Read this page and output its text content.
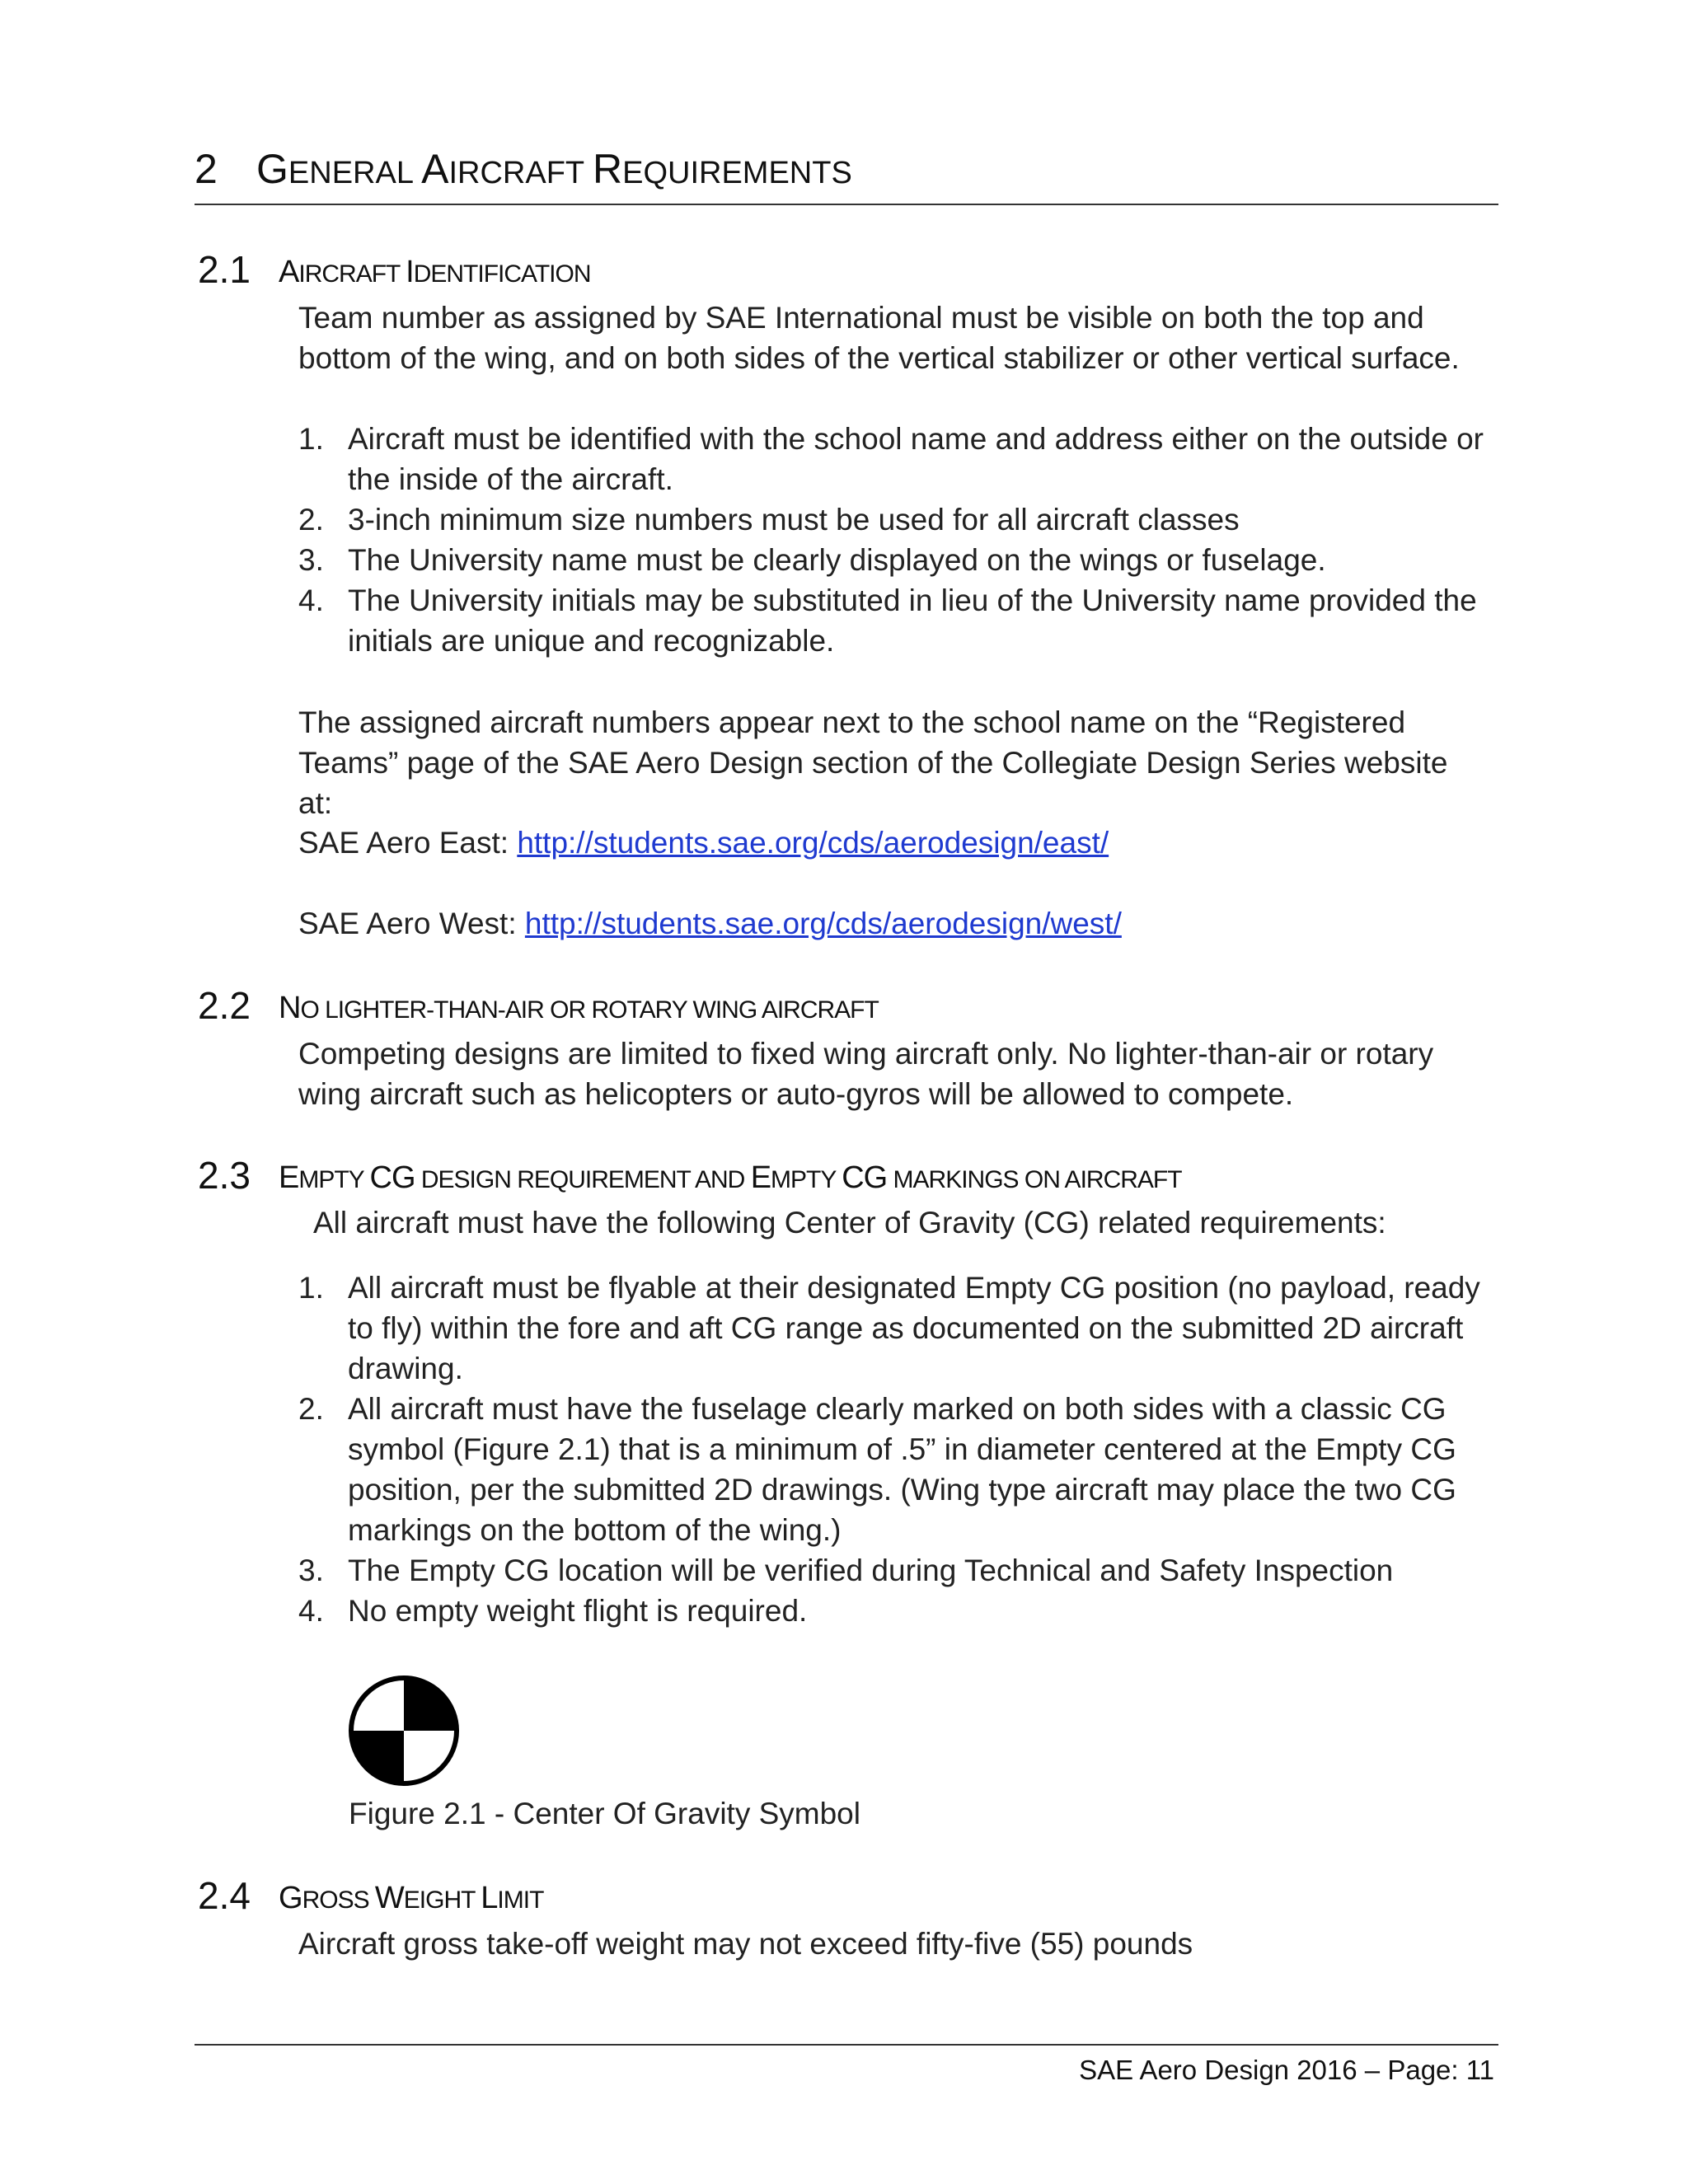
2 GENERAL AIRCRAFT REQUIREMENTS
2.1 AIRCRAFT IDENTIFICATION
Team number as assigned by SAE International must be visible on both the top and bottom of the wing, and on both sides of the vertical stabilizer or other vertical surface.
1. Aircraft must be identified with the school name and address either on the outside or the inside of the aircraft.
2. 3-inch minimum size numbers must be used for all aircraft classes
3. The University name must be clearly displayed on the wings or fuselage.
4. The University initials may be substituted in lieu of the University name provided the initials are unique and recognizable.
The assigned aircraft numbers appear next to the school name on the “Registered Teams” page of the SAE Aero Design section of the Collegiate Design Series website at:
SAE Aero East: http://students.sae.org/cds/aerodesign/east/
SAE Aero West: http://students.sae.org/cds/aerodesign/west/
2.2 NO LIGHTER-THAN-AIR OR ROTARY WING AIRCRAFT
Competing designs are limited to fixed wing aircraft only. No lighter-than-air or rotary wing aircraft such as helicopters or auto-gyros will be allowed to compete.
2.3 EMPTY CG DESIGN REQUIREMENT AND EMPTY CG MARKINGS ON AIRCRAFT
All aircraft must have the following Center of Gravity (CG) related requirements:
1. All aircraft must be flyable at their designated Empty CG position (no payload, ready to fly) within the fore and aft CG range as documented on the submitted 2D aircraft drawing.
2. All aircraft must have the fuselage clearly marked on both sides with a classic CG symbol (Figure 2.1) that is a minimum of .5” in diameter centered at the Empty CG position, per the submitted 2D drawings. (Wing type aircraft may place the two CG markings on the bottom of the wing.)
3. The Empty CG location will be verified during Technical and Safety Inspection
4. No empty weight flight is required.
Figure 2.1 - Center Of Gravity Symbol
2.4 GROSS WEIGHT LIMIT
Aircraft gross take-off weight may not exceed fifty-five (55) pounds
SAE Aero Design 2016 – Page: 11
